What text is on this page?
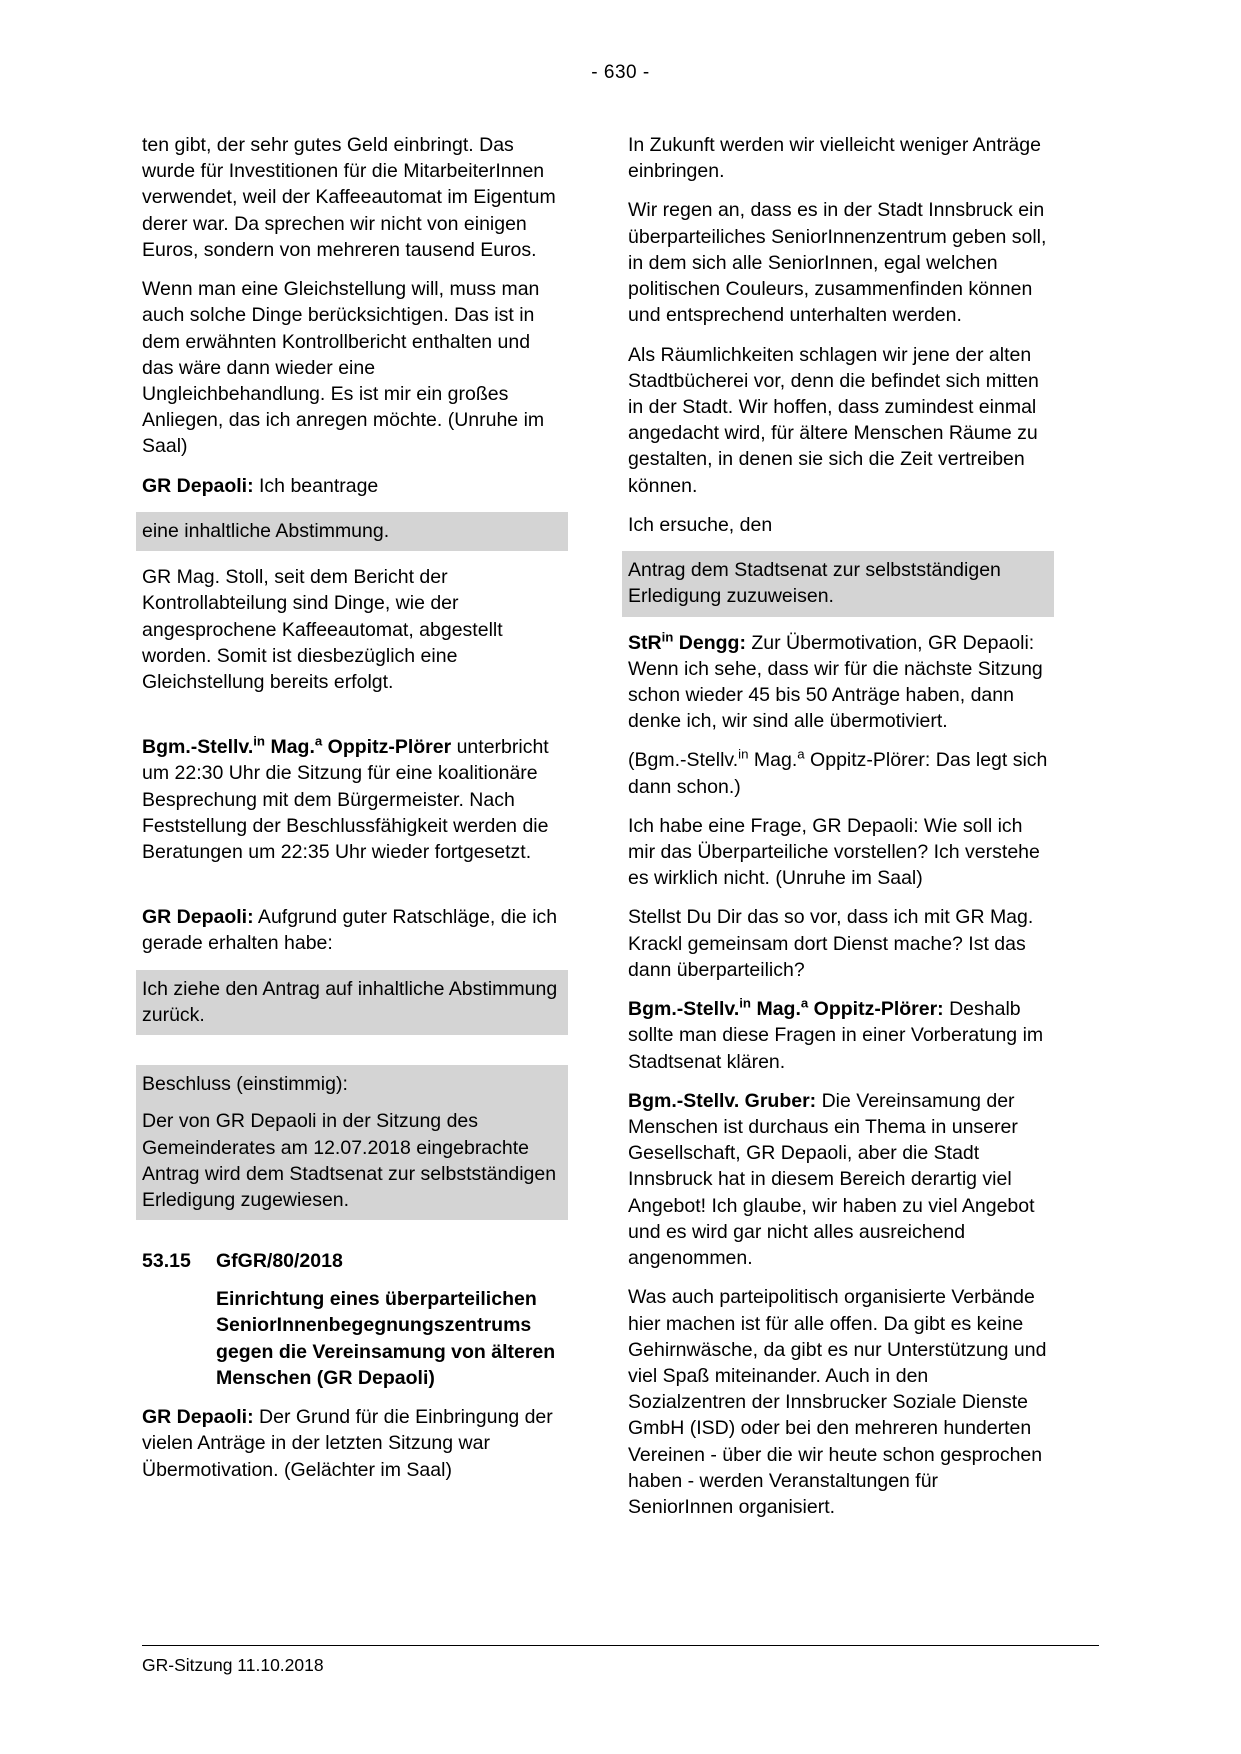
- 630 -

ten gibt, der sehr gutes Geld einbringt. Das wurde für Investitionen für die MitarbeiterInnen verwendet, weil der Kaffeeautomat im Eigentum derer war. Da sprechen wir nicht von einigen Euros, sondern von mehreren tausend Euros.

Wenn man eine Gleichstellung will, muss man auch solche Dinge berücksichtigen. Das ist in dem erwähnten Kontrollbericht enthalten und das wäre dann wieder eine Ungleichbehandlung. Es ist mir ein großes Anliegen, das ich anregen möchte. (Unruhe im Saal)

GR Depaoli: Ich beantrage

eine inhaltliche Abstimmung.

GR Mag. Stoll, seit dem Bericht der Kontrollabteilung sind Dinge, wie der angesprochene Kaffeeautomat, abgestellt worden. Somit ist diesbezüglich eine Gleichstellung bereits erfolgt.

Bgm.-Stellv.$^{in}$ Mag.$^a$ Oppitz-Plörer unterbricht um 22:30 Uhr die Sitzung für eine koalitionäre Besprechung mit dem Bürgermeister. Nach Feststellung der Beschlussfähigkeit werden die Beratungen um 22:35 Uhr wieder fortgesetzt.

GR Depaoli: Aufgrund guter Ratschläge, die ich gerade erhalten habe:

Ich ziehe den Antrag auf inhaltliche Abstimmung zurück.

Beschluss (einstimmig):

Der von GR Depaoli in der Sitzung des Gemeinderates am 12.07.2018 eingebrachte Antrag wird dem Stadtsenat zur selbstständigen Erledigung zugewiesen.

53.15	GfGR/80/2018
Einrichtung eines überparteilichen SeniorInnenbegegnungszentrums gegen die Vereinsamung von älteren Menschen (GR Depaoli)

GR Depaoli: Der Grund für die Einbringung der vielen Anträge in der letzten Sitzung war Übermotivation. (Gelächter im Saal)

In Zukunft werden wir vielleicht weniger Anträge einbringen.

Wir regen an, dass es in der Stadt Innsbruck ein überparteiliches SeniorInnenzentrum geben soll, in dem sich alle SeniorInnen, egal welchen politischen Couleurs, zusammenfinden können und entsprechend unterhalten werden.

Als Räumlichkeiten schlagen wir jene der alten Stadtbücherei vor, denn die befindet sich mitten in der Stadt. Wir hoffen, dass zumindest einmal angedacht wird, für ältere Menschen Räume zu gestalten, in denen sie sich die Zeit vertreiben können.

Ich ersuche, den

Antrag dem Stadtsenat zur selbstständigen Erledigung zuzuweisen.

StR$^{in}$ Dengg: Zur Übermotivation, GR Depaoli: Wenn ich sehe, dass wir für die nächste Sitzung schon wieder 45 bis 50 Anträge haben, dann denke ich, wir sind alle übermotiviert.

(Bgm.-Stellv.$^{in}$ Mag.$^a$ Oppitz-Plörer: Das legt sich dann schon.)

Ich habe eine Frage, GR Depaoli: Wie soll ich mir das Überparteiliche vorstellen? Ich verstehe es wirklich nicht. (Unruhe im Saal)

Stellst Du Dir das so vor, dass ich mit GR Mag. Krackl gemeinsam dort Dienst mache? Ist das dann überparteilich?

Bgm.-Stellv.$^{in}$ Mag.$^a$ Oppitz-Plörer: Deshalb sollte man diese Fragen in einer Vorberatung im Stadtsenat klären.

Bgm.-Stellv. Gruber: Die Vereinsamung der Menschen ist durchaus ein Thema in unserer Gesellschaft, GR Depaoli, aber die Stadt Innsbruck hat in diesem Bereich derartig viel Angebot! Ich glaube, wir haben zu viel Angebot und es wird gar nicht alles ausreichend angenommen.

Was auch parteipolitisch organisierte Verbände hier machen ist für alle offen. Da gibt es keine Gehirnwäsche, da gibt es nur Unterstützung und viel Spaß miteinander. Auch in den Sozialzentren der Innsbrucker Soziale Dienste GmbH (ISD) oder bei den mehreren hunderten Vereinen - über die wir heute schon gesprochen haben - werden Veranstaltungen für SeniorInnen organisiert.

GR-Sitzung 11.10.2018
